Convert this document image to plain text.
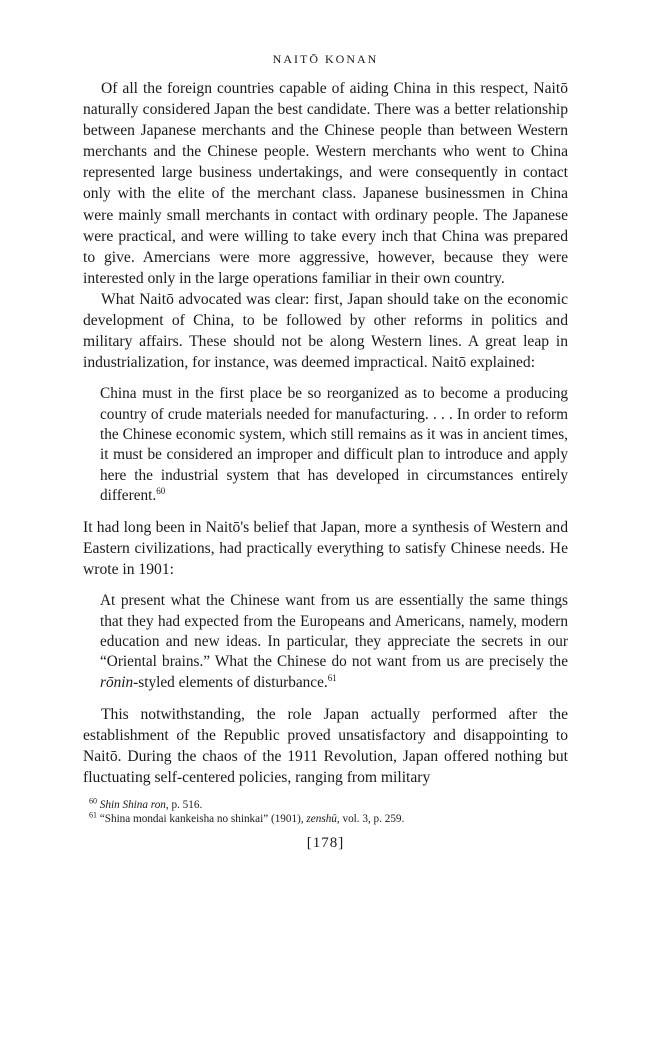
NAITŌ KONAN

Of all the foreign countries capable of aiding China in this respect, Naitō naturally considered Japan the best candidate. There was a better relationship between Japanese merchants and the Chinese people than between Western merchants and the Chinese people. Western merchants who went to China represented large business undertakings, and were consequently in contact only with the elite of the merchant class. Japanese businessmen in China were mainly small merchants in contact with ordinary people. The Japanese were practical, and were willing to take every inch that China was prepared to give. Amercians were more aggressive, however, because they were interested only in the large operations familiar in their own country.

What Naitō advocated was clear: first, Japan should take on the economic development of China, to be followed by other reforms in politics and military affairs. These should not be along Western lines. A great leap in industrialization, for instance, was deemed impractical. Naitō explained:

China must in the first place be so reorganized as to become a producing country of crude materials needed for manufacturing. . . . In order to reform the Chinese economic system, which still remains as it was in ancient times, it must be considered an improper and difficult plan to introduce and apply here the industrial system that has developed in circumstances entirely different.$^{60}$

It had long been in Naitō's belief that Japan, more a synthesis of Western and Eastern civilizations, had practically everything to satisfy Chinese needs. He wrote in 1901:

At present what the Chinese want from us are essentially the same things that they had expected from the Europeans and Americans, namely, modern education and new ideas. In particular, they appreciate the secrets in our “Oriental brains.” What the Chinese do not want from us are precisely the rōnin-styled elements of disturbance.$^{61}$

This notwithstanding, the role Japan actually performed after the establishment of the Republic proved unsatisfactory and disappointing to Naitō. During the chaos of the 1911 Revolution, Japan offered nothing but fluctuating self-centered policies, ranging from military

$^{60}$ Shin Shina ron, p. 516.
$^{61}$ “Shina mondai kankeisha no shinkai” (1901), zenshū, vol. 3, p. 259.
[178]
